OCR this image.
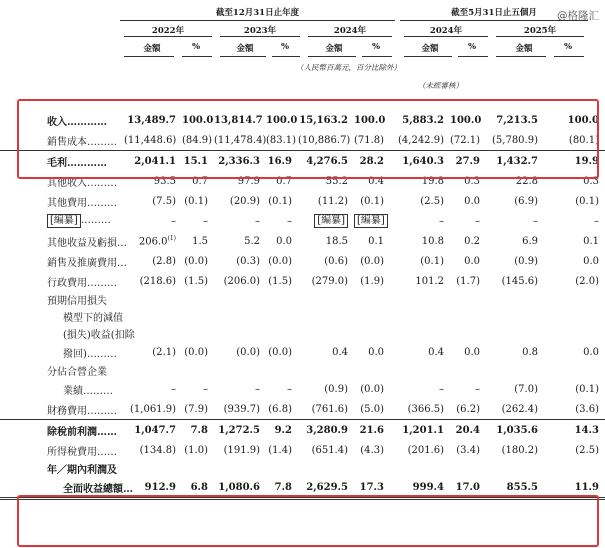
@格隆汇
截至12月31日止年度	截至5月31日止五個月
2022年	2023年	2024年	2024年	2025年
金額	%	金額	%	金額	%	金額	%	金額	%
（人民幣百萬元，百分比除外）
（未經審核）
收入…………	13,489.7	100.0	13,814.7	100.0	15,163.2	100.0	5,883.2	100.0	7,213.5	100.0
銷售成本………	(11,448.6)	(84.9)	(11,478.4)	(83.1)	(10,886.7)	(71.8)	(4,242.9)	(72.1)	(5,780.9)	(80.1)
毛利…………	2,041.1	15.1	2,336.3	16.9	4,276.5	28.2	1,640.3	27.9	1,432.7	19.9
其他收入………	93.5	0.7	97.9	0.7	55.2	0.4	19.8	0.3	22.8	0.3
其他費用………	(7.5)	(0.1)	(20.9)	(0.1)	(11.2)	(0.1)	(2.5)	0.0	(6.9)	(0.1)
[編纂] ………	–	–	–	–	[編纂]	[編纂]	–	–	–	–
其他收益及虧損…	206.0$^{(1)}$	1.5	5.2	0.0	18.5	0.1	10.8	0.2	6.9	0.1
銷售及推廣費用…	(2.8)	(0.0)	(0.3)	(0.0)	(0.6)	(0.0)	(0.1)	0.0	(0.9)	0.0
行政費用………	(218.6)	(1.5)	(206.0)	(1.5)	(279.0)	(1.9)	101.2	(1.7)	(145.6)	(2.0)
預期信用損失										
模型下的減值										
(損失)收益(扣除										
撥回)………	(2.1)	(0.0)	(0.0)	(0.0)	0.4	0.0	0.4	0.0	0.8	0.0
分佔合營企業										
業績………	–	–	–	–	(0.9)	(0.0)	–	–	(7.0)	(0.1)
財務費用………	(1,061.9)	(7.9)	(939.7)	(6.8)	(761.6)	(5.0)	(366.5)	(6.2)	(262.4)	(3.6)
除稅前利潤……	1,047.7	7.8	1,272.5	9.2	3,280.9	21.6	1,201.1	20.4	1,035.6	14.3
所得稅費用……	(134.8)	(1.0)	(191.9)	(1.4)	(651.4)	(4.3)	(201.6)	(3.4)	(180.2)	(2.5)
年／期內利潤及										
全面收益總額…	912.9	6.8	1,080.6	7.8	2,629.5	17.3	999.4	17.0	855.5	11.9
